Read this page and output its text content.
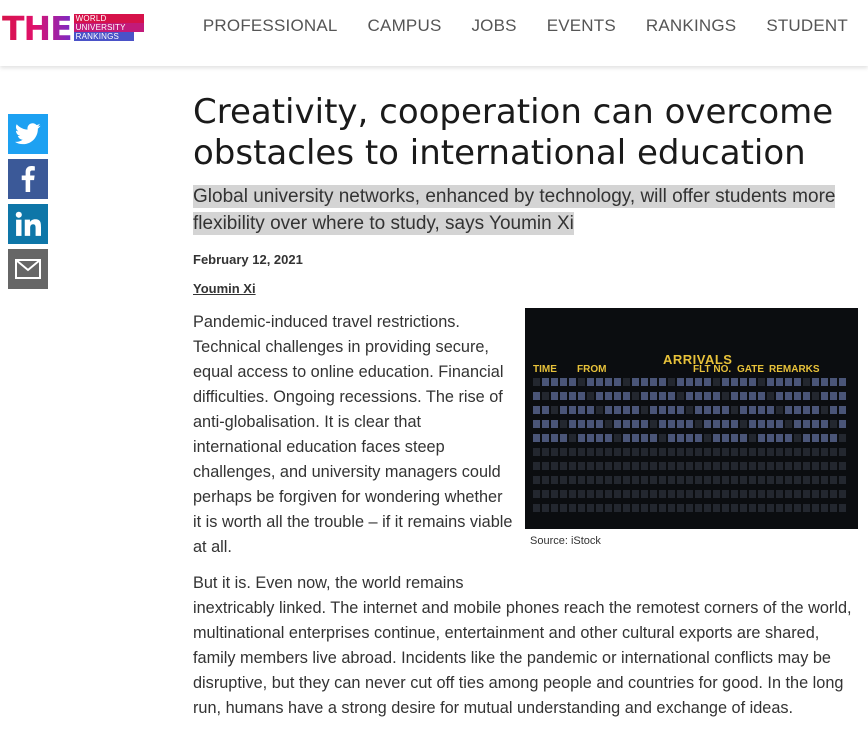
THE WORLD
UNIVERSITY
RANKINGS
PROFESSIONAL CAMPUS JOBS EVENTS RANKINGS STUDENT
Creativity, cooperation can overcome obstacles to international education

Global university networks, enhanced by technology, will offer students more flexibility over where to study, says Youmin Xi

February 12, 2021
Youmin Xi

Pandemic-induced travel restrictions. Technical challenges in providing secure, equal access to online education. Financial difficulties. Ongoing recessions. The rise of anti-globalisation. It is clear that international education faces steep challenges, and university managers could perhaps be forgiven for wondering whether it is worth all the trouble – if it remains viable at all.

ARRIVALS
TIME FROM	FLT NO. GATE REMARKS
Source: iStock

But it is. Even now, the world remains
inextricably linked. The internet and mobile phones reach the remotest corners of the world, multinational enterprises continue, entertainment and other cultural exports are shared, family members live abroad. Incidents like the pandemic or international conflicts may be disruptive, but they can never cut off ties among people and countries for good. In the long run, humans have a strong desire for mutual understanding and exchange of ideas.
